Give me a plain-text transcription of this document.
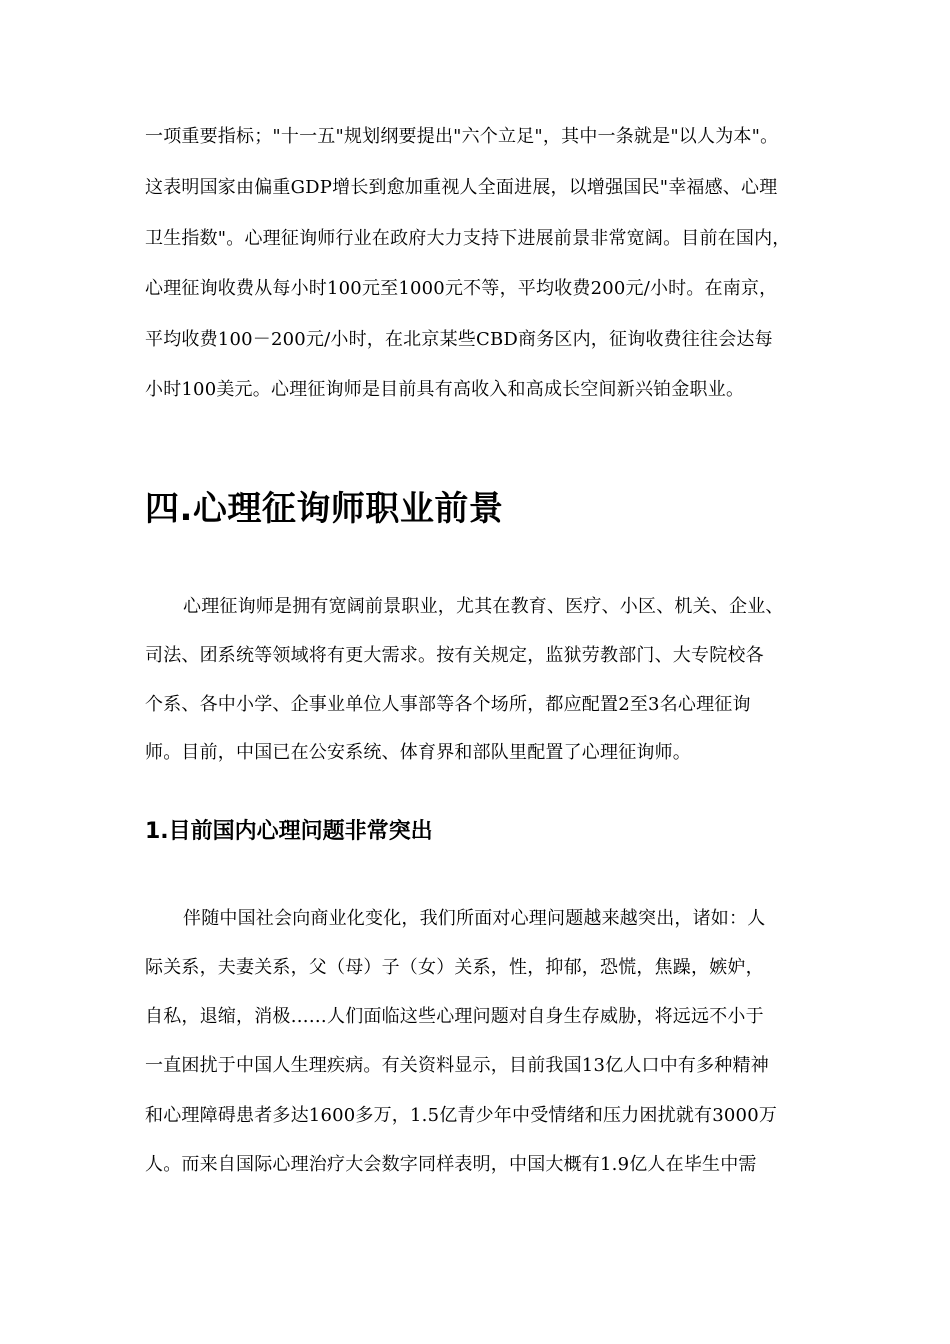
一项重要指标；"十一五"规划纲要提出"六个立足"，其中一条就是"以人为本"。
这表明国家由偏重GDP增长到愈加重视人全面进展，以增强国民"幸福感、心理
卫生指数"。心理征询师行业在政府大力支持下进展前景非常宽阔。目前在国内，
心理征询收费从每小时100元至1000元不等，平均收费200元/小时。在南京，
平均收费100－200元/小时，在北京某些CBD商务区内，征询收费往往会达每
小时100美元。心理征询师是目前具有高收入和高成长空间新兴铂金职业。
四.心理征询师职业前景
心理征询师是拥有宽阔前景职业，尤其在教育、医疗、小区、机关、企业、
司法、团系统等领域将有更大需求。按有关规定，监狱劳教部门、大专院校各
个系、各中小学、企事业单位人事部等各个场所，都应配置2至3名心理征询
师。目前，中国已在公安系统、体育界和部队里配置了心理征询师。
1.目前国内心理问题非常突出
伴随中国社会向商业化变化，我们所面对心理问题越来越突出，诸如：人
际关系，夫妻关系，父（母）子（女）关系，性，抑郁，恐慌，焦躁，嫉妒，
自私，退缩，消极……人们面临这些心理问题对自身生存威胁，将远远不小于
一直困扰于中国人生理疾病。有关资料显示，目前我国13亿人口中有多种精神
和心理障碍患者多达1600多万，1.5亿青少年中受情绪和压力困扰就有3000万
人。而来自国际心理治疗大会数字同样表明，中国大概有1.9亿人在毕生中需
